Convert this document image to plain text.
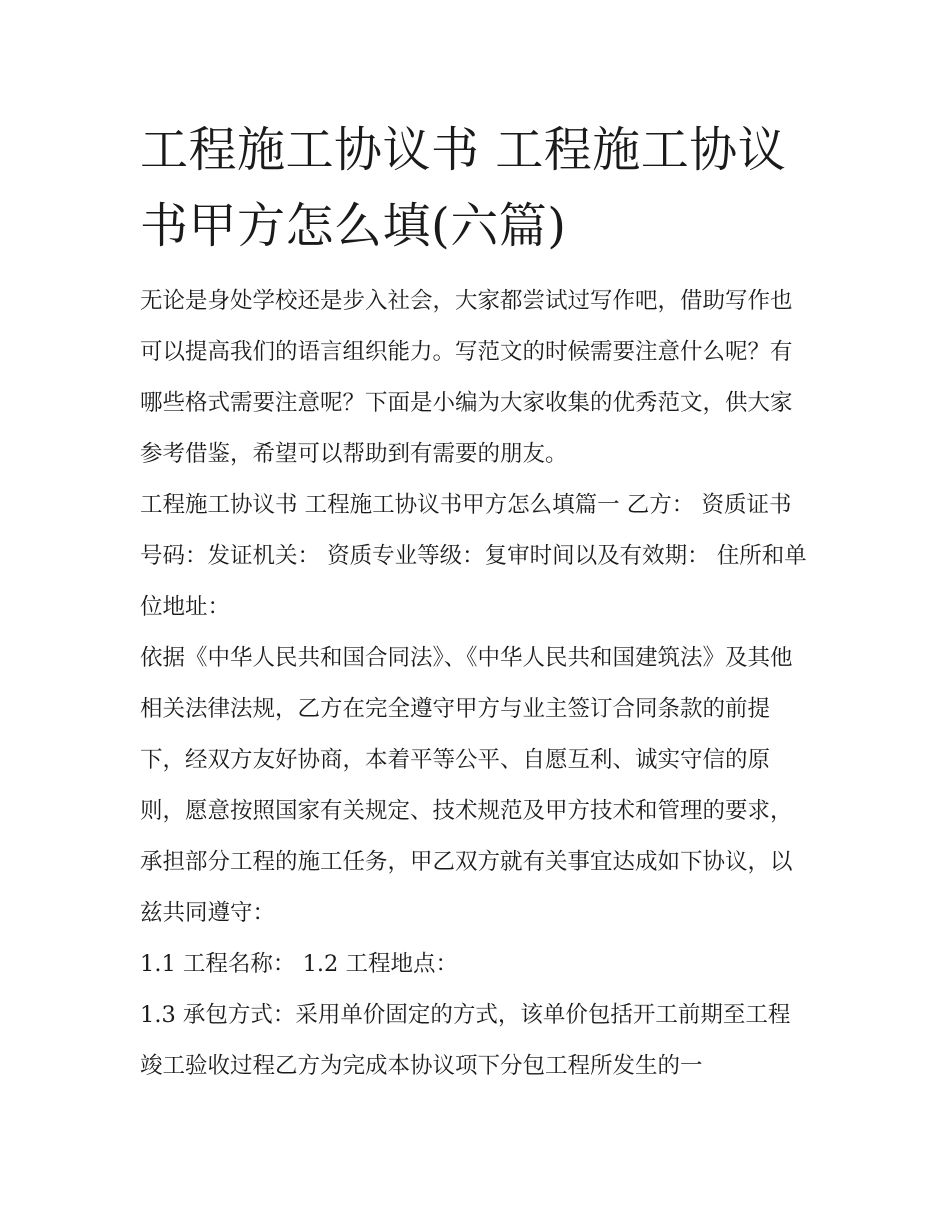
工程施工协议书 工程施工协议书甲方怎么填(六篇)

无论是身处学校还是步入社会，大家都尝试过写作吧，借助写作也可以提高我们的语言组织能力。写范文的时候需要注意什么呢？有哪些格式需要注意呢？下面是小编为大家收集的优秀范文，供大家参考借鉴，希望可以帮助到有需要的朋友。

工程施工协议书 工程施工协议书甲方怎么填篇一 乙方： 资质证书号码：发证机关： 资质专业等级：复审时间以及有效期： 住所和单位地址：

依据《中华人民共和国合同法》、《中华人民共和国建筑法》及其他相关法律法规，乙方在完全遵守甲方与业主签订合同条款的前提下，经双方友好协商，本着平等公平、自愿互利、诚实守信的原则，愿意按照国家有关规定、技术规范及甲方技术和管理的要求，承担部分工程的施工任务，甲乙双方就有关事宜达成如下协议，以兹共同遵守：

1.1 工程名称： 1.2 工程地点：

1.3 承包方式：采用单价固定的方式，该单价包括开工前期至工程竣工验收过程乙方为完成本协议项下分包工程所发生的一
